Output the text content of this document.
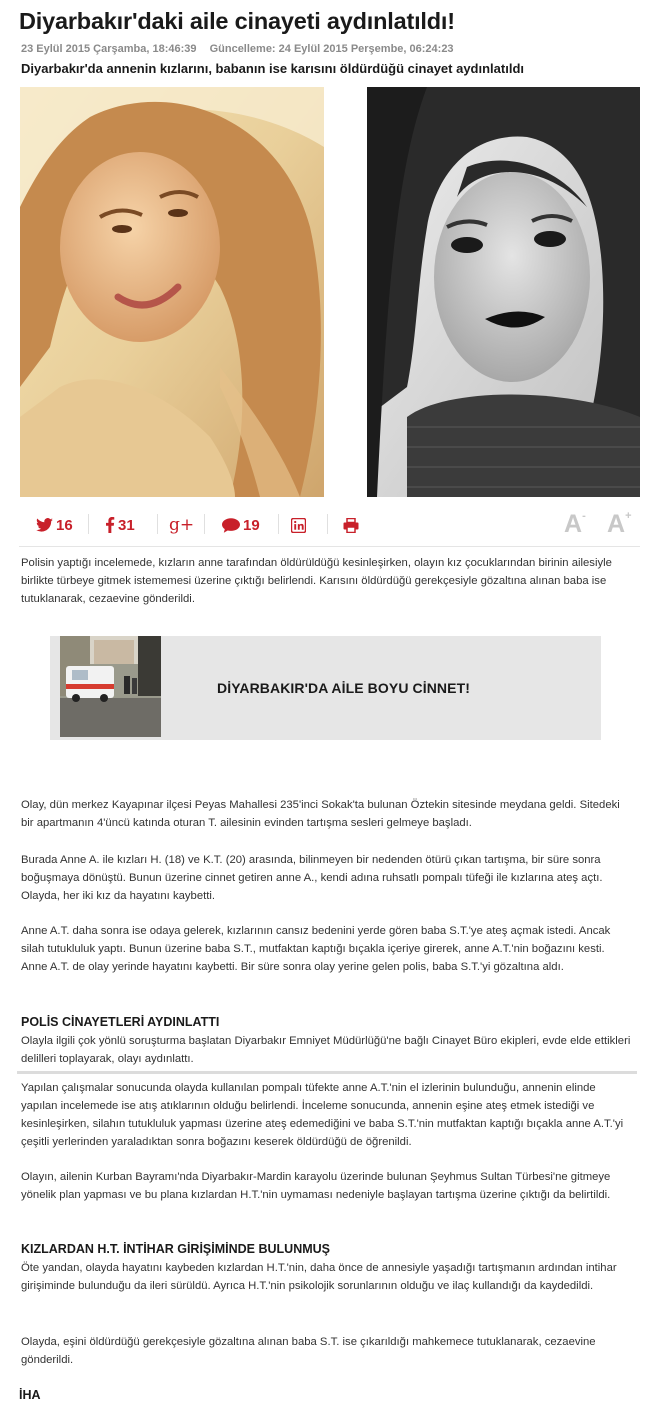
Diyarbakır'daki aile cinayeti aydınlatıldı!
23 Eylül 2015 Çarşamba, 18:46:39 Güncelleme: 24 Eylül 2015 Perşembe, 06:24:23
Diyarbakır'da annenin kızlarını, babanın ise karısını öldürdüğü cinayet aydınlatıldı
16	31 g+	19	A- A+

Polisin yaptığı incelemede, kızların anne tarafından öldürüldüğü kesinleşirken, olayın kız çocuklarından birinin ailesiyle birlikte türbeye gitmek istememesi üzerine çıktığı belirlendi. Karısını öldürdüğü gerekçesiyle gözaltına alınan baba ise tutuklanarak, cezaevine gönderildi.

DİYARBAKIR'DA AİLE BOYU CİNNET!

Olay, dün merkez Kayapınar ilçesi Peyas Mahallesi 235'inci Sokak'ta bulunan Öztekin sitesinde meydana geldi. Sitedeki bir apartmanın 4'üncü katında oturan T. ailesinin evinden tartışma sesleri gelmeye başladı.

Burada Anne A. ile kızları H. (18) ve K.T. (20) arasında, bilinmeyen bir nedenden ötürü çıkan tartışma, bir süre sonra boğuşmaya dönüştü. Bunun üzerine cinnet getiren anne A., kendi adına ruhsatlı pompalı tüfeği ile kızlarına ateş açtı. Olayda, her iki kız da hayatını kaybetti.

Anne A.T. daha sonra ise odaya gelerek, kızlarının cansız bedenini yerde gören baba S.T.'ye ateş açmak istedi. Ancak silah tutukluluk yaptı. Bunun üzerine baba S.T., mutfaktan kaptığı bıçakla içeriye girerek, anne A.T.'nin boğazını kesti. Anne A.T. de olay yerinde hayatını kaybetti. Bir süre sonra olay yerine gelen polis, baba S.T.'yi gözaltına aldı.

POLİS CİNAYETLERİ AYDINLATTI

Olayla ilgili çok yönlü soruşturma başlatan Diyarbakır Emniyet Müdürlüğü'ne bağlı Cinayet Büro ekipleri, evde elde ettikleri delilleri toplayarak, olayı aydınlattı.

Yapılan çalışmalar sonucunda olayda kullanılan pompalı tüfekte anne A.T.'nin el izlerinin bulunduğu, annenin elinde yapılan incelemede ise atış atıklarının olduğu belirlendi. İnceleme sonucunda, annenin eşine ateş etmek istediği ve kesinleşirken, silahın tutukluluk yapması üzerine ateş edemediğini ve baba S.T.'nin mutfaktan kaptığı bıçakla anne A.T.'yi çeşitli yerlerinden yaraladıktan sonra boğazını keserek öldürdüğü de öğrenildi.

Olayın, ailenin Kurban Bayramı'nda Diyarbakır-Mardin karayolu üzerinde bulunan Şeyhmus Sultan Türbesi'ne gitmeye yönelik plan yapması ve bu plana kızlardan H.T.'nin uymaması nedeniyle başlayan tartışma üzerine çıktığı da belirtildi.

KIZLARDAN H.T. İNTİHAR GİRİŞİMİNDE BULUNMUŞ

Öte yandan, olayda hayatını kaybeden kızlardan H.T.'nin, daha önce de annesiyle yaşadığı tartışmanın ardından intihar girişiminde bulunduğu da ileri sürüldü. Ayrıca H.T.'nin psikolojik sorunlarının olduğu ve ilaç kullandığı da kaydedildi.

Olayda, eşini öldürdüğü gerekçesiyle gözaltına alınan baba S.T. ise çıkarıldığı mahkemece tutuklanarak, cezaevine gönderildi.

İHA
